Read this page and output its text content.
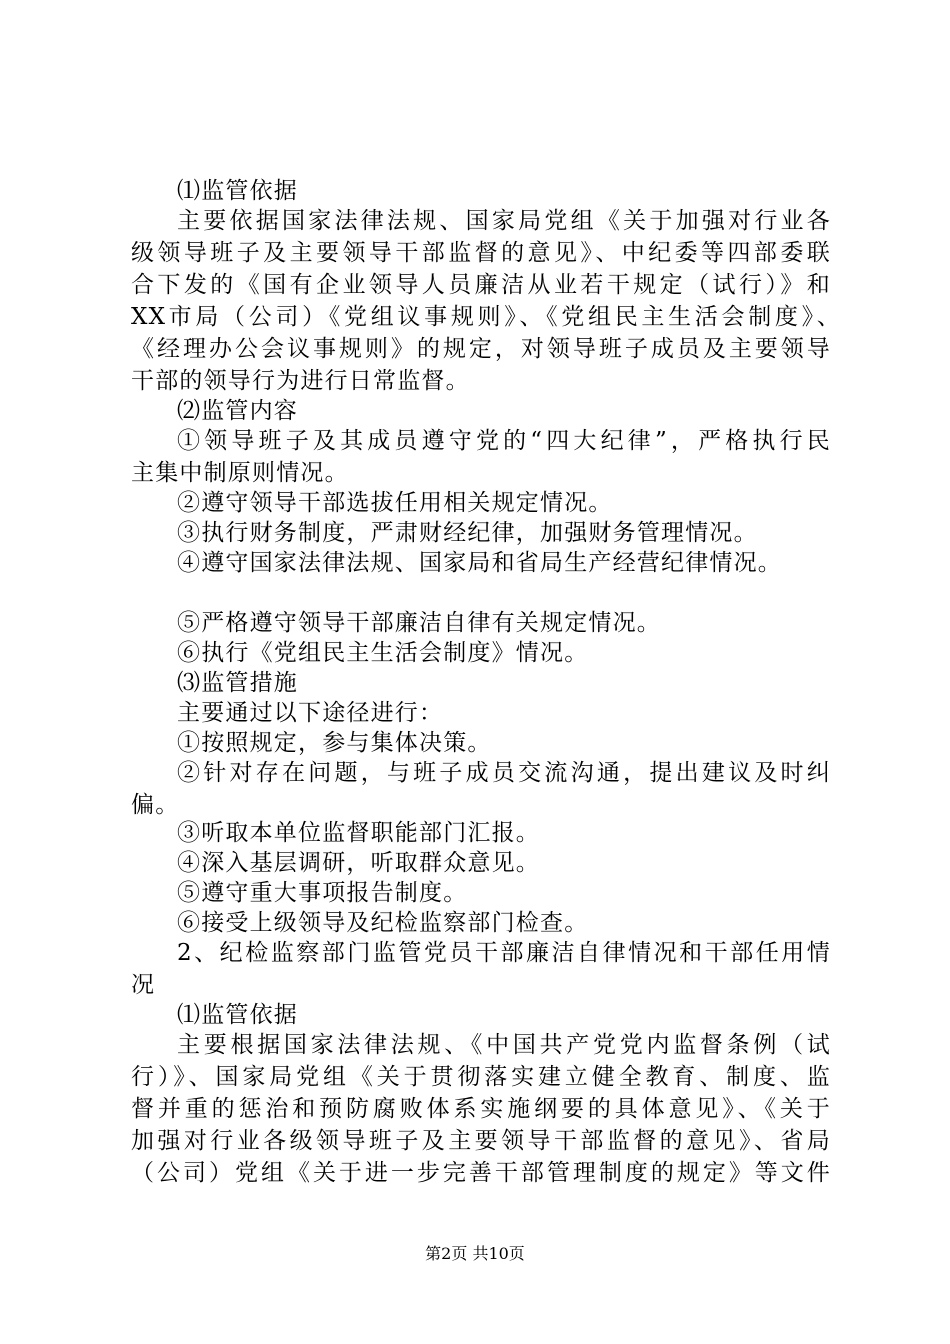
⑴监管依据
主要依据国家法律法规、国家局党组《关于加强对行业各
级领导班子及主要领导干部监督的意见》、中纪委等四部委联
合下发的《国有企业领导人员廉洁从业若干规定（试行）》和
XX市局（公司）《党组议事规则》、《党组民主生活会制度》、
《经理办公会议事规则》的规定，对领导班子成员及主要领导
干部的领导行为进行日常监督。
⑵监管内容
①领导班子及其成员遵守党的“四大纪律”，严格执行民
主集中制原则情况。
②遵守领导干部选拔任用相关规定情况。
③执行财务制度，严肃财经纪律，加强财务管理情况。
④遵守国家法律法规、国家局和省局生产经营纪律情况。
⑤严格遵守领导干部廉洁自律有关规定情况。
⑥执行《党组民主生活会制度》情况。
⑶监管措施
主要通过以下途径进行：
①按照规定，参与集体决策。
②针对存在问题，与班子成员交流沟通，提出建议及时纠
偏。
③听取本单位监督职能部门汇报。
④深入基层调研，听取群众意见。
⑤遵守重大事项报告制度。
⑥接受上级领导及纪检监察部门检查。
2、纪检监察部门监管党员干部廉洁自律情况和干部任用情
况
⑴监管依据
主要根据国家法律法规、《中国共产党党内监督条例（试
行）》、国家局党组《关于贯彻落实建立健全教育、制度、监
督并重的惩治和预防腐败体系实施纲要的具体意见》、《关于
加强对行业各级领导班子及主要领导干部监督的意见》、省局
（公司）党组《关于进一步完善干部管理制度的规定》等文件
第2页 共10页
